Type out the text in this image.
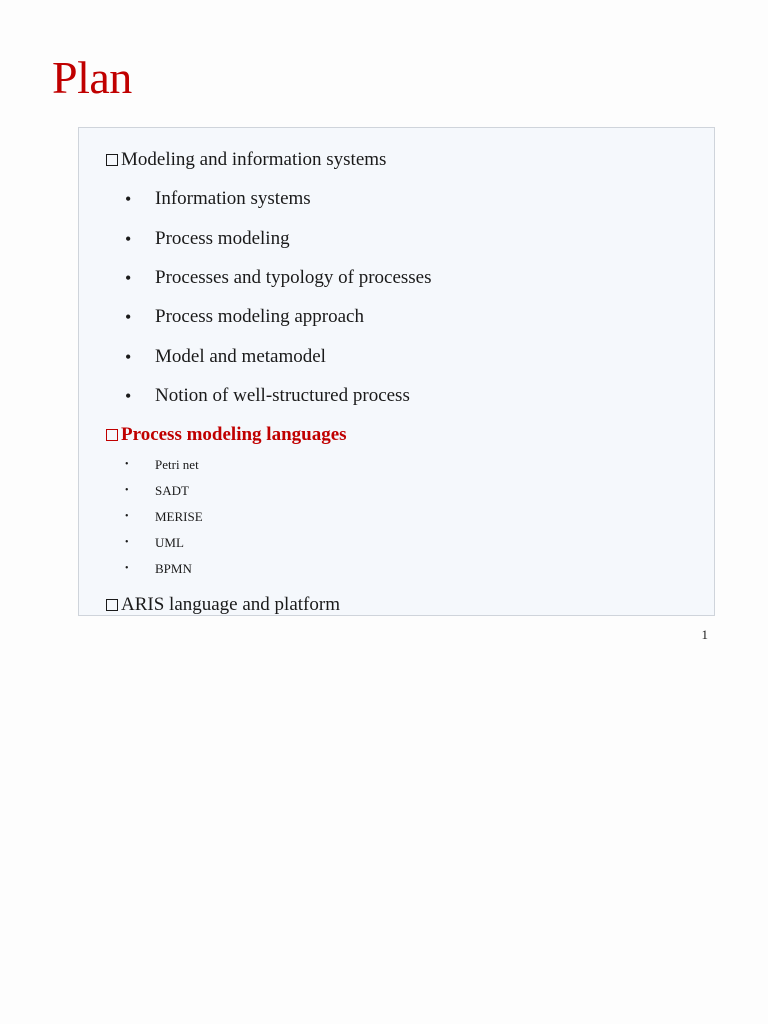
Plan
Modeling and information systems
• Information systems
• Process modeling
• Processes and typology of processes
• Process modeling approach
• Model and metamodel
• Notion of well-structured process
Process modeling languages
• Petri net
• SADT
• MERISE
• UML
• BPMN
ARIS language and platform
1
